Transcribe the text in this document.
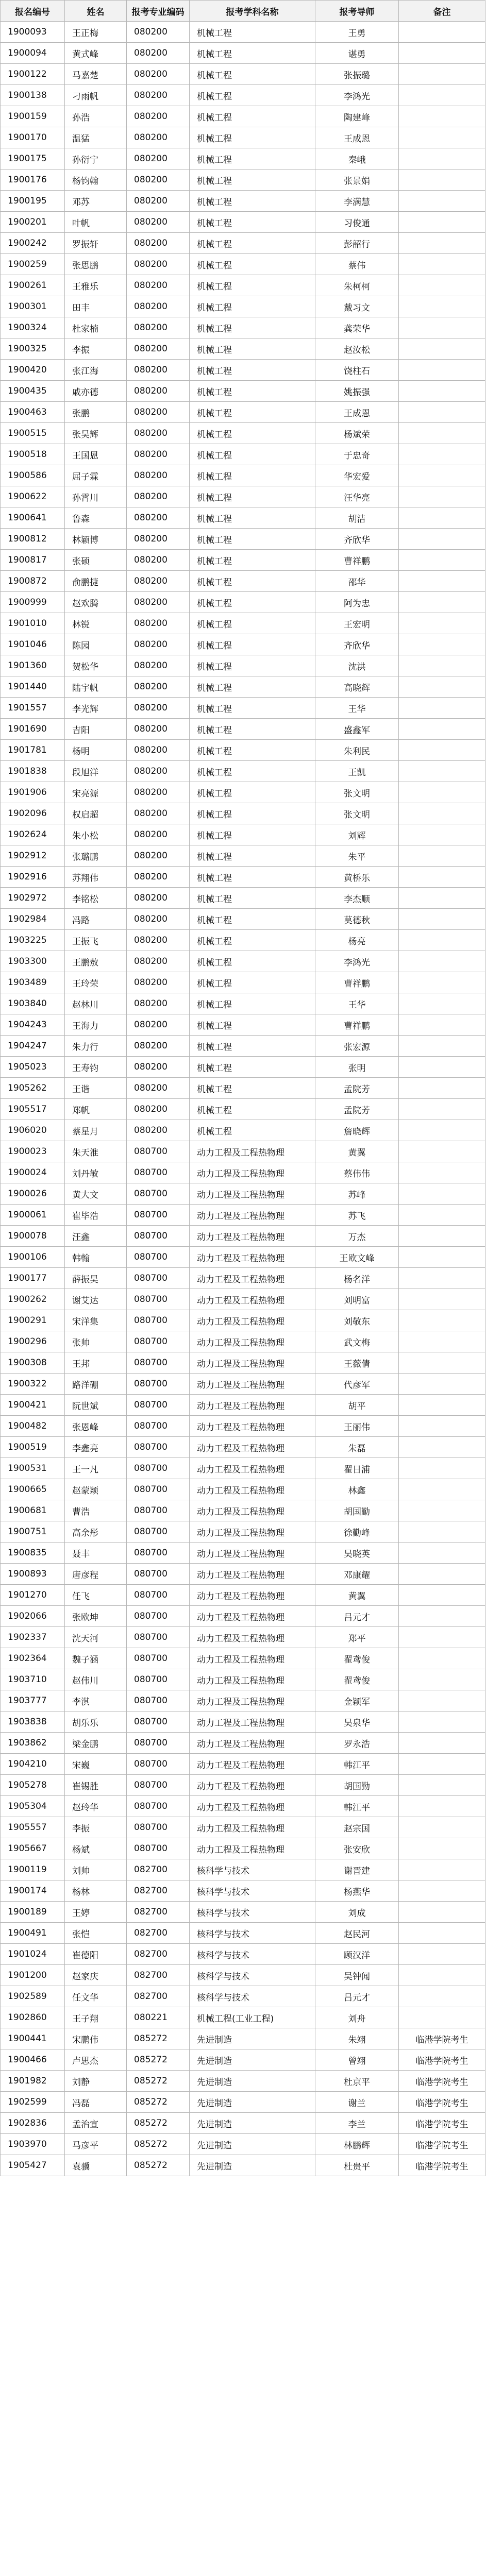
报名编号	姓名	报考专业编码	报考学科名称	报考导师	备注
1900093	王正梅	080200	机械工程	王勇	
1900094	黄式峰	080200	机械工程	谌勇	
1900122	马嘉楚	080200	机械工程	张振璐	
1900138	刁雨帆	080200	机械工程	李鸿光	
1900159	孙浩	080200	机械工程	陶建峰	
1900170	温猛	080200	机械工程	王成恩	
1900175	孙衍宁	080200	机械工程	秦峨	
1900176	杨钧翰	080200	机械工程	张景娟	
1900195	邓苏	080200	机械工程	李满慧	
1900201	叶帆	080200	机械工程	习俊通	
1900242	罗振轩	080200	机械工程	彭韶行	
1900259	张思鹏	080200	机械工程	蔡伟	
1900261	王雅乐	080200	机械工程	朱柯柯	
1900301	田丰	080200	机械工程	戴习文	
1900324	杜家楠	080200	机械工程	龚荣华	
1900325	李振	080200	机械工程	赵汝松	
1900420	张江海	080200	机械工程	饶柱石	
1900435	戚亦德	080200	机械工程	姚振强	
1900463	张鹏	080200	机械工程	王成恩	
1900515	张昊辉	080200	机械工程	杨斌荣	
1900518	王国恩	080200	机械工程	于忠奇	
1900586	屈子霖	080200	机械工程	华宏爱	
1900622	孙霄川	080200	机械工程	汪华亮	
1900641	鲁森	080200	机械工程	胡洁	
1900812	林颖博	080200	机械工程	齐欣华	
1900817	张硕	080200	机械工程	曹祥鹏	
1900872	俞鹏捷	080200	机械工程	邵华	
1900999	赵欢腾	080200	机械工程	阿为忠	
1901010	林锐	080200	机械工程	王宏明	
1901046	陈园	080200	机械工程	齐欣华	
1901360	贺松华	080200	机械工程	沈洪	
1901440	陆宇帆	080200	机械工程	高晓辉	
1901557	李光辉	080200	机械工程	王华	
1901690	吉阳	080200	机械工程	盛鑫军	
1901781	杨明	080200	机械工程	朱利民	
1901838	段旭洋	080200	机械工程	王凯	
1901906	宋亮源	080200	机械工程	张文明	
1902096	权启超	080200	机械工程	张文明	
1902624	朱小松	080200	机械工程	刘辉	
1902912	张璐鹏	080200	机械工程	朱平	
1902916	苏翔伟	080200	机械工程	黄桥乐	
1902972	李铭松	080200	机械工程	李杰顺	
1902984	冯路	080200	机械工程	莫德秋	
1903225	王振飞	080200	机械工程	杨亮	
1903300	王鹏敖	080200	机械工程	李鸿光	
1903489	王玲荣	080200	机械工程	曹祥鹏	
1903840	赵林川	080200	机械工程	王华	
1904243	王海力	080200	机械工程	曹祥鹏	
1904247	朱力行	080200	机械工程	张宏源	
1905023	王寿钧	080200	机械工程	张明	
1905262	王谐	080200	机械工程	孟院芳	
1905517	郑帆	080200	机械工程	孟院芳	
1906020	蔡星月	080200	机械工程	詹晓辉	
1900023	朱天淮	080700	动力工程及工程热物理	黄翼	
1900024	刘丹敏	080700	动力工程及工程热物理	蔡伟伟	
1900026	黄大文	080700	动力工程及工程热物理	苏峰	
1900061	崔毕浩	080700	动力工程及工程热物理	苏飞	
1900078	汪鑫	080700	动力工程及工程热物理	万杰	
1900106	韩翰	080700	动力工程及工程热物理	王欧文峰	
1900177	薛振昊	080700	动力工程及工程热物理	杨名洋	
1900262	谢艾达	080700	动力工程及工程热物理	刘明富	
1900291	宋洋集	080700	动力工程及工程热物理	刘敬东	
1900296	张帅	080700	动力工程及工程热物理	武文梅	
1900308	王邦	080700	动力工程及工程热物理	王薇倩	
1900322	路洋硼	080700	动力工程及工程热物理	代彦军	
1900421	阮世斌	080700	动力工程及工程热物理	胡平	
1900482	张恩峰	080700	动力工程及工程热物理	王丽伟	
1900519	李鑫亮	080700	动力工程及工程热物理	朱磊	
1900531	王一凡	080700	动力工程及工程热物理	翟日浦	
1900665	赵蒙颖	080700	动力工程及工程热物理	林鑫	
1900681	曹浩	080700	动力工程及工程热物理	胡国勤	
1900751	高余彤	080700	动力工程及工程热物理	徐勤峰	
1900835	聂丰	080700	动力工程及工程热物理	吴晓英	
1900893	唐彦程	080700	动力工程及工程热物理	邓康耀	
1901270	任飞	080700	动力工程及工程热物理	黄翼	
1902066	张欧坤	080700	动力工程及工程热物理	吕元才	
1902337	沈天河	080700	动力工程及工程热物理	郑平	
1902364	魏子涵	080700	动力工程及工程热物理	翟鸢俊	
1903710	赵伟川	080700	动力工程及工程热物理	翟鸢俊	
1903777	李淇	080700	动力工程及工程热物理	金颖军	
1903838	胡乐乐	080700	动力工程及工程热物理	吴泉华	
1903862	梁金鹏	080700	动力工程及工程热物理	罗永浩	
1904210	宋巍	080700	动力工程及工程热物理	韩江平	
1905278	崔锡胜	080700	动力工程及工程热物理	胡国勤	
1905304	赵玲华	080700	动力工程及工程热物理	韩江平	
1905557	李振	080700	动力工程及工程热物理	赵宗国	
1905667	杨斌	080700	动力工程及工程热物理	张安欣	
1900119	刘帅	082700	核科学与技术	谢晋建	
1900174	杨林	082700	核科学与技术	杨燕华	
1900189	王婷	082700	核科学与技术	刘成	
1900491	张恺	082700	核科学与技术	赵民河	
1901024	崔德阳	082700	核科学与技术	顾汉洋	
1901200	赵家庆	082700	核科学与技术	吴钟闻	
1902589	任文华	082700	核科学与技术	吕元才	
1902860	王子翔	080221	机械工程(工业工程)	刘舟	
1900441	宋鹏伟	085272	先进制造	朱翊	临港学院考生
1900466	卢思杰	085272	先进制造	曾翊	临港学院考生
1901982	刘静	085272	先进制造	杜京平	临港学院考生
1902599	冯磊	085272	先进制造	谢兰	临港学院考生
1902836	孟治宣	085272	先进制造	李兰	临港学院考生
1903970	马彦平	085272	先进制造	林鹏辉	临港学院考生
1905427	袁骥	085272	先进制造	杜贵平	临港学院考生
